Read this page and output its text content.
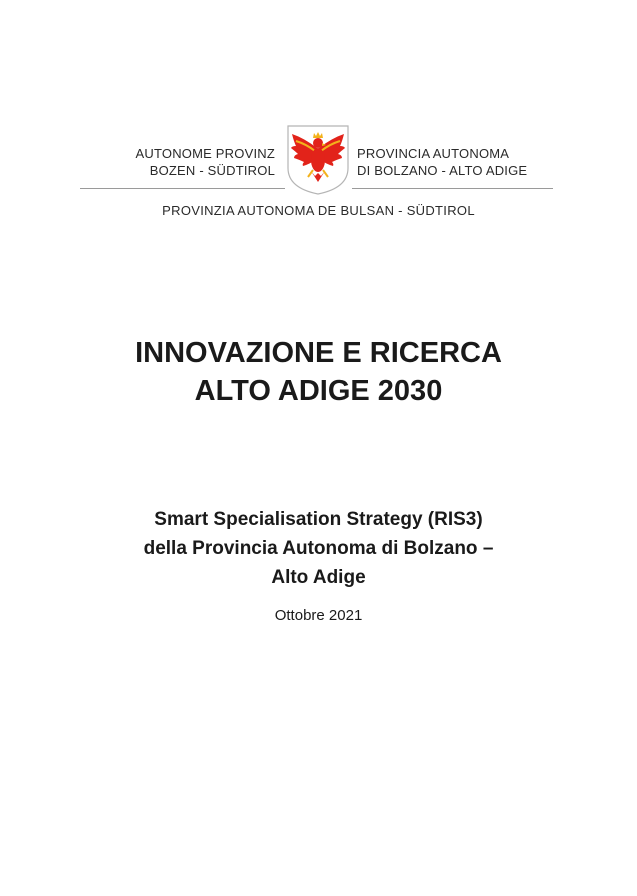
AUTONOME PROVINZ
BOZEN - SÜDTIROL
PROVINCIA AUTONOMA
DI BOLZANO - ALTO ADIGE
PROVINZIA AUTONOMA DE BULSAN - SÜDTIROL
INNOVAZIONE E RICERCA
ALTO ADIGE 2030
Smart Specialisation Strategy (RIS3)
della Provincia Autonoma di Bolzano –
Alto Adige
Ottobre 2021
